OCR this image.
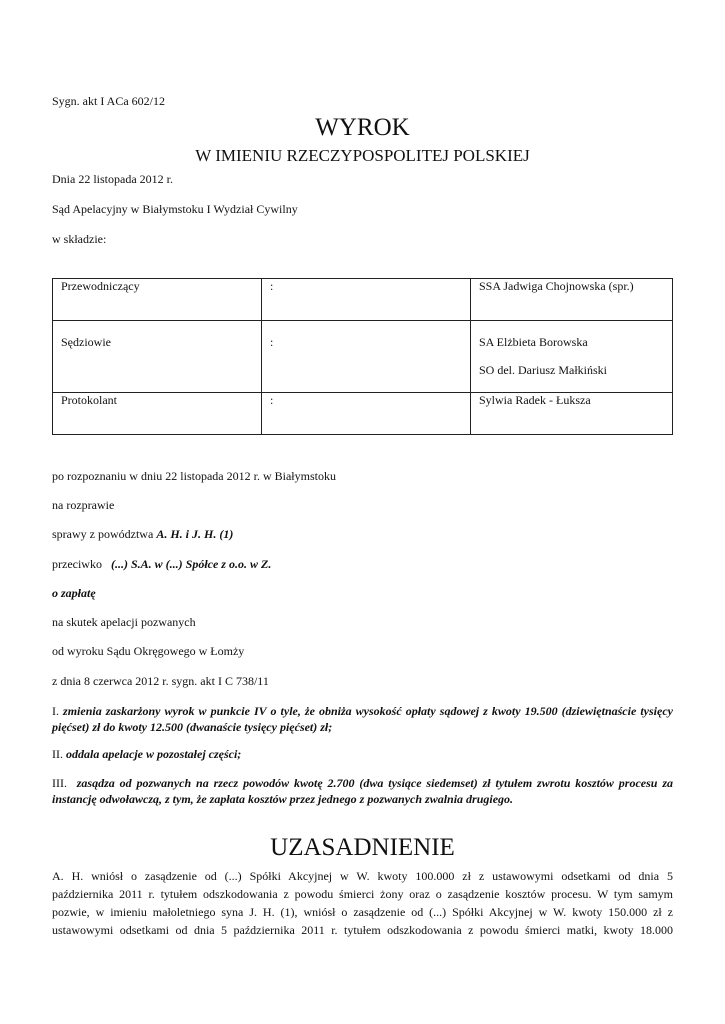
Sygn. akt I ACa 602/12
WYROK
W IMIENIU RZECZYPOSPOLITEJ POLSKIEJ
Dnia 22 listopada 2012 r.
Sąd Apelacyjny w Białymstoku I Wydział Cywilny
w składzie:

Przewodniczący	:	SSA Jadwiga Chojnowska (spr.)

Sędziowie	:	SA Elżbieta Borowska

SO del. Dariusz Małkiński

Protokolant	:	Sylwia Radek - Łuksza

po rozpoznaniu w dniu 22 listopada 2012 r. w Białymstoku
na rozprawie
sprawy z powództwa A. H. i J. H. (1)
przeciwko   (...) S.A. w (...) Spółce z o.o. w Z.
o zapłatę
na skutek apelacji pozwanych
od wyroku Sądu Okręgowego w Łomży
z dnia 8 czerwca 2012 r. sygn. akt I C 738/11
I. zmienia zaskarżony wyrok w punkcie IV o tyle, że obniża wysokość opłaty sądowej z kwoty 19.500 (dziewiętnaście tysięcy pięćset) zł do kwoty 12.500 (dwanaście tysięcy pięćset) zł;
II. oddala apelacje w pozostałej części;
III.  zasądza od pozwanych na rzecz powodów kwotę 2.700 (dwa tysiące siedemset) zł tytułem zwrotu kosztów procesu za instancję odwoławczą, z tym, że zapłata kosztów przez jednego z pozwanych zwalnia drugiego.
UZASADNIENIE
A. H. wniósł o zasądzenie od (...) Spółki Akcyjnej w W. kwoty 100.000 zł z ustawowymi odsetkami od dnia 5
października 2011 r. tytułem odszkodowania z powodu śmierci żony oraz o zasądzenie kosztów procesu. W tym samym
pozwie, w imieniu małoletniego syna J. H. (1), wniósł o zasądzenie od (...) Spółki Akcyjnej w W. kwoty 150.000 zł z
ustawowymi odsetkami od dnia 5 października 2011 r. tytułem odszkodowania z powodu śmierci matki, kwoty 18.000
